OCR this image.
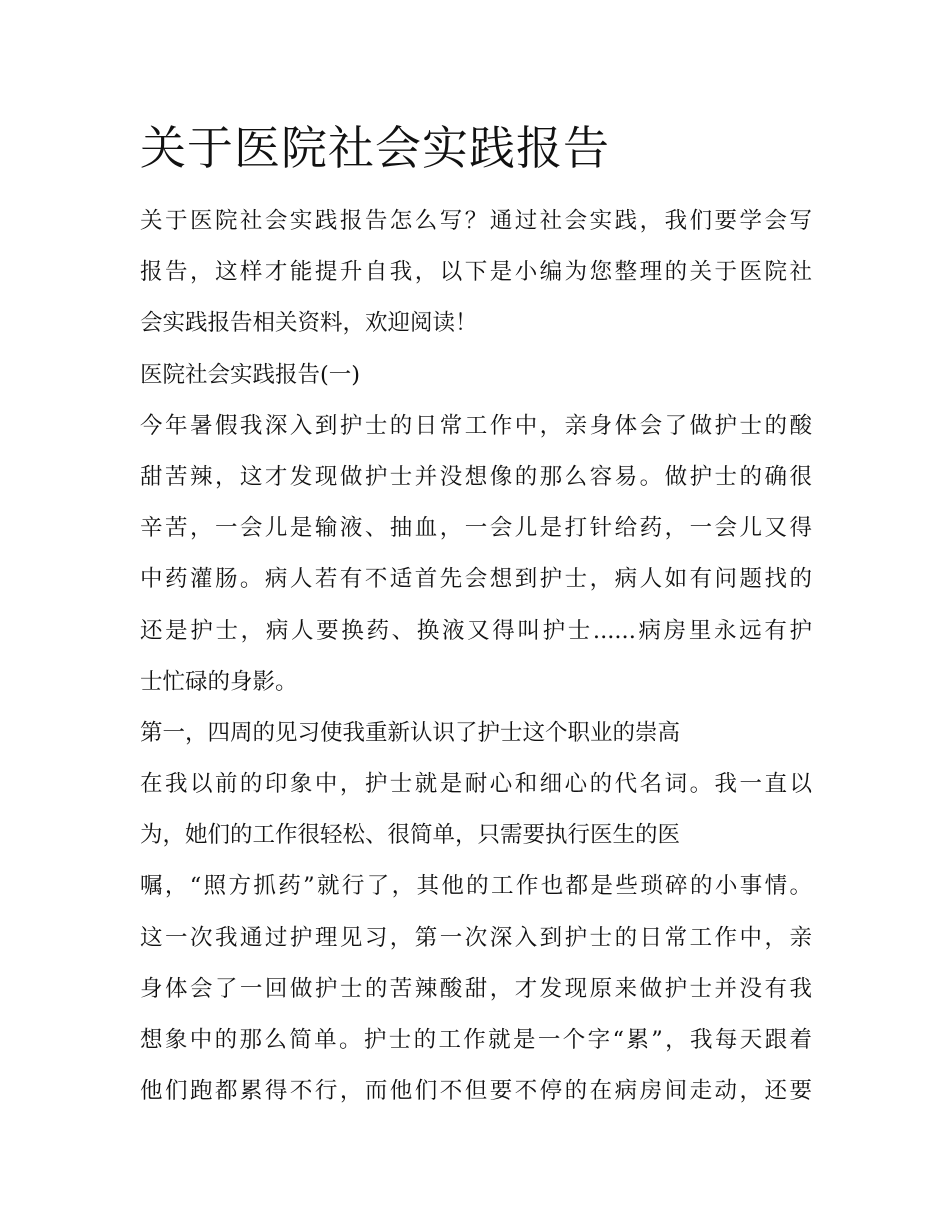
关于医院社会实践报告
关于医院社会实践报告怎么写？通过社会实践，我们要学会写
报告，这样才能提升自我，以下是小编为您整理的关于医院社
会实践报告相关资料，欢迎阅读！
医院社会实践报告(一)
今年暑假我深入到护士的日常工作中，亲身体会了做护士的酸
甜苦辣，这才发现做护士并没想像的那么容易。做护士的确很
辛苦，一会儿是输液、抽血，一会儿是打针给药，一会儿又得
中药灌肠。病人若有不适首先会想到护士，病人如有问题找的
还是护士，病人要换药、换液又得叫护士......病房里永远有护
士忙碌的身影。
第一，四周的见习使我重新认识了护士这个职业的崇高
在我以前的印象中，护士就是耐心和细心的代名词。我一直以
为，她们的工作很轻松、很简单，只需要执行医生的医
嘱，“照方抓药”就行了，其他的工作也都是些琐碎的小事情。
这一次我通过护理见习，第一次深入到护士的日常工作中，亲
身体会了一回做护士的苦辣酸甜，才发现原来做护士并没有我
想象中的那么简单。护士的工作就是一个字“累”，我每天跟着
他们跑都累得不行，而他们不但要不停的在病房间走动，还要
